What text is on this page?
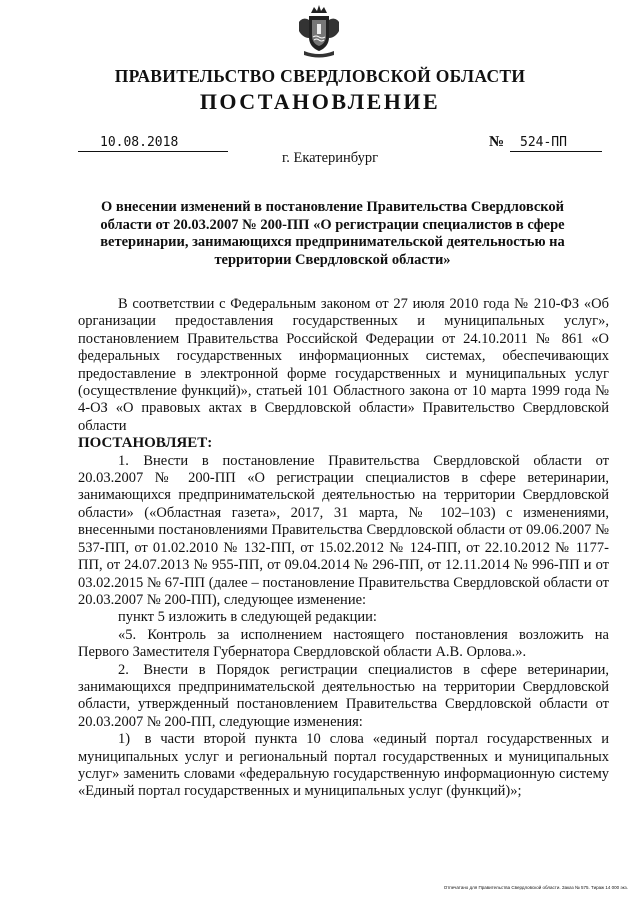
ПРАВИТЕЛЬСТВО СВЕРДЛОВСКОЙ ОБЛАСТИ
ПОСТАНОВЛЕНИЕ
10.08.2018	№	524-ПП
г. Екатеринбург
О внесении изменений в постановление Правительства Свердловской области от 20.03.2007 № 200-ПП «О регистрации специалистов в сфере ветеринарии, занимающихся предпринимательской деятельностью на территории Свердловской области»

В соответствии с Федеральным законом от 27 июля 2010 года № 210-ФЗ «Об организации предоставления государственных и муниципальных услуг», постановлением Правительства Российской Федерации от 24.10.2011 № 861 «О федеральных государственных информационных системах, обеспечивающих предоставление в электронной форме государственных и муниципальных услуг (осуществление функций)», статьей 101 Областного закона от 10 марта 1999 года № 4-ОЗ «О правовых актах в Свердловской области» Правительство Свердловской области

ПОСТАНОВЛЯЕТ:

1. Внести в постановление Правительства Свердловской области от 20.03.2007 № 200-ПП «О регистрации специалистов в сфере ветеринарии, занимающихся предпринимательской деятельностью на территории Свердловской области» («Областная газета», 2017, 31 марта, № 102–103) с изменениями, внесенными постановлениями Правительства Свердловской области от 09.06.2007 № 537-ПП, от 01.02.2010 № 132-ПП, от 15.02.2012 № 124-ПП, от 22.10.2012 № 1177-ПП, от 24.07.2013 № 955-ПП, от 09.04.2014 № 296-ПП, от 12.11.2014 № 996-ПП и от 03.02.2015 № 67-ПП (далее – постановление Правительства Свердловской области от 20.03.2007 № 200-ПП), следующее изменение:

пункт 5 изложить в следующей редакции:

«5. Контроль за исполнением настоящего постановления возложить на Первого Заместителя Губернатора Свердловской области А.В. Орлова.».

2. Внести в Порядок регистрации специалистов в сфере ветеринарии, занимающихся предпринимательской деятельностью на территории Свердловской области, утвержденный постановлением Правительства Свердловской области от 20.03.2007 № 200-ПП, следующие изменения:

1) в части второй пункта 10 слова «единый портал государственных и муниципальных услуг и региональный портал государственных и муниципальных услуг» заменить словами «федеральную государственную информационную систему «Единый портал государственных и муниципальных услуг (функций)»;

Отпечатано для Правительства Свердловской области. Заказ № 575. Тираж 14 000 экз.
